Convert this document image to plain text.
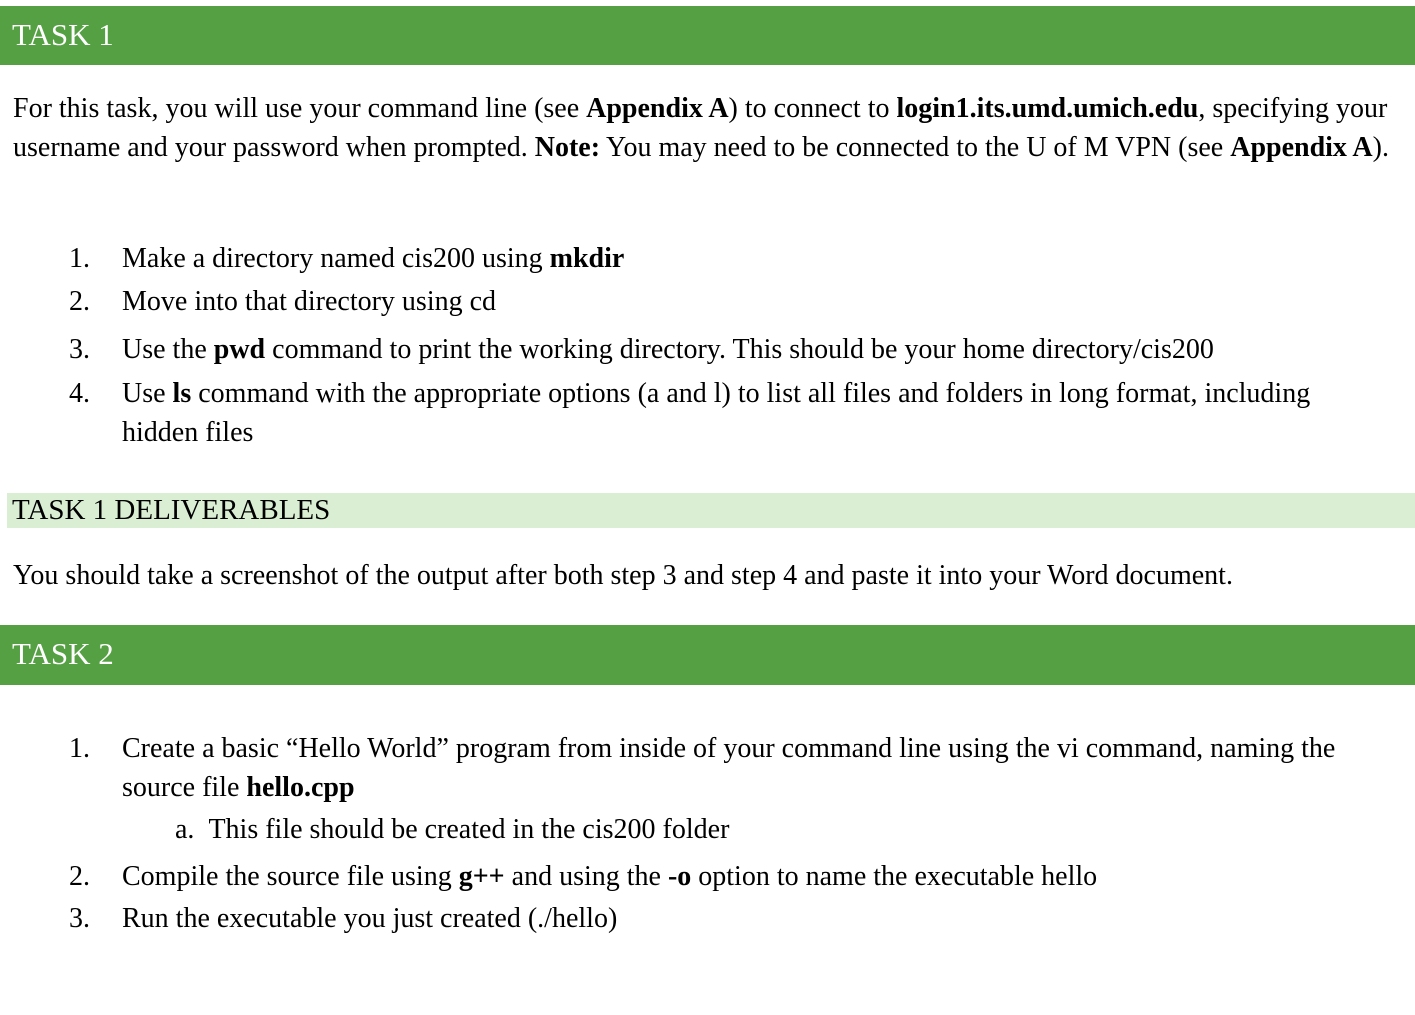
TASK 1
For this task, you will use your command line (see Appendix A) to connect to login1.its.umd.umich.edu, specifying your username and your password when prompted. Note: You may need to be connected to the U of M VPN (see Appendix A).
1.	Make a directory named cis200 using mkdir
2.	Move into that directory using cd
3.	Use the pwd command to print the working directory. This should be your home directory/cis200
4.	Use ls command with the appropriate options (a and l) to list all files and folders in long format, including hidden files
TASK 1 DELIVERABLES
You should take a screenshot of the output after both step 3 and step 4 and paste it into your Word document.
TASK 2
1.	Create a basic “Hello World” program from inside of your command line using the vi command, naming the source file hello.cpp
a. This file should be created in the cis200 folder
2.	Compile the source file using g++ and using the -o option to name the executable hello
3.	Run the executable you just created (./hello)
